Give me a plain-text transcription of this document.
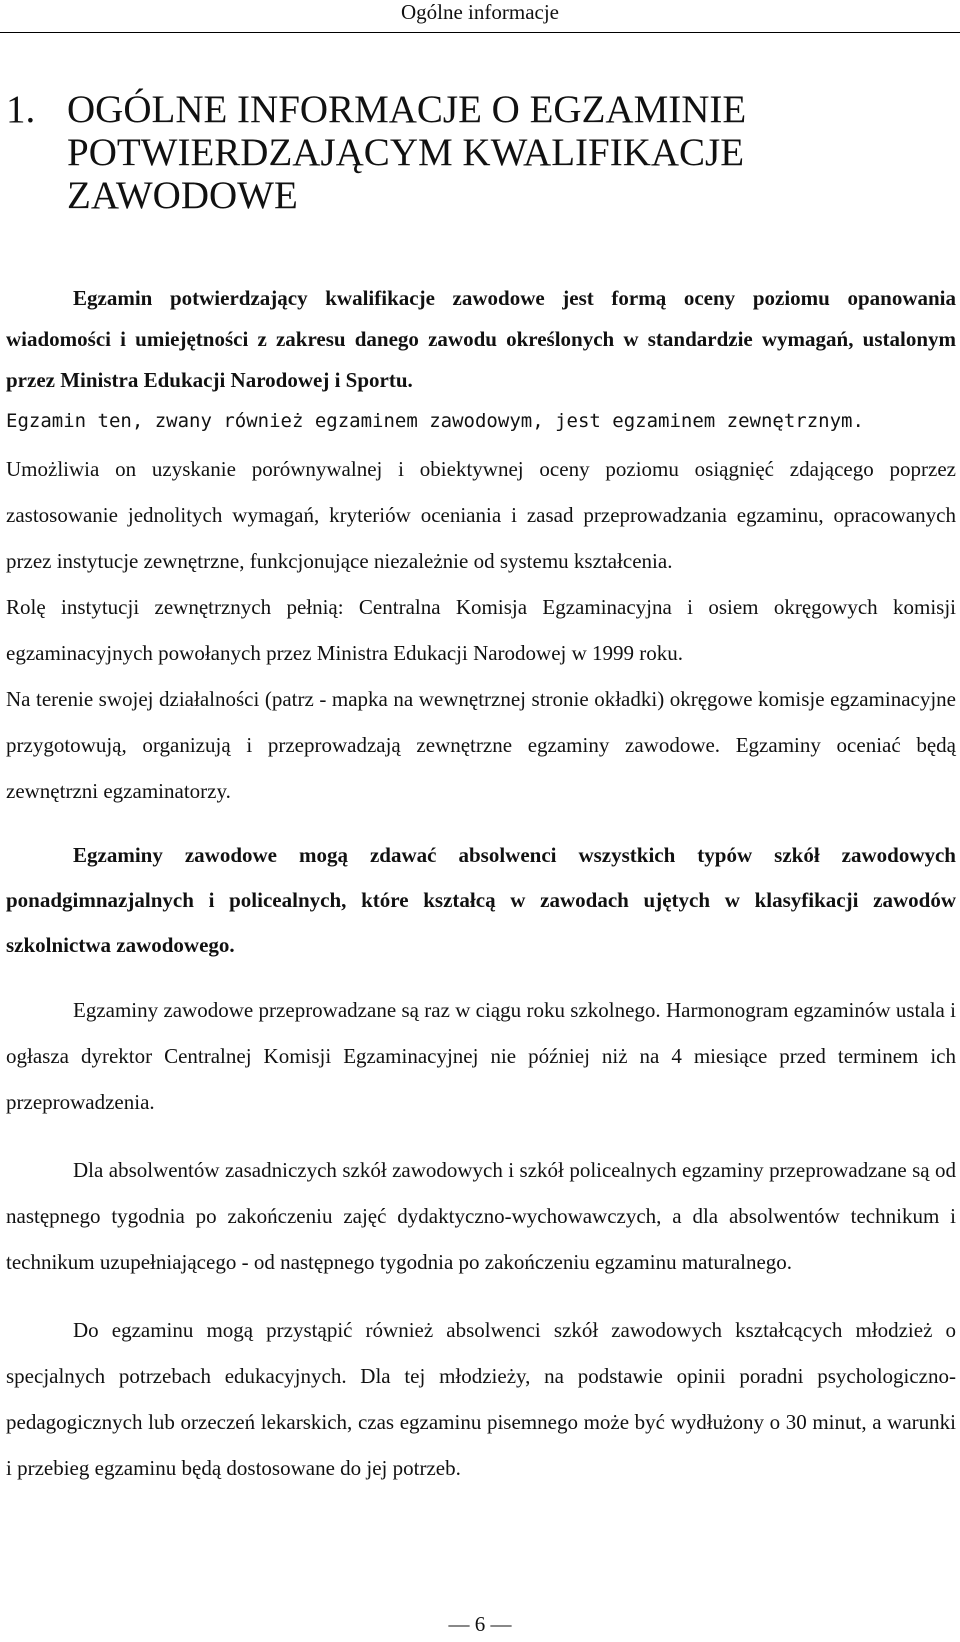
Ogólne informacje
1. OGÓLNE INFORMACJE O EGZAMINIE POTWIERDZAJĄCYM KWALIFIKACJE ZAWODOWE

Egzamin potwierdzający kwalifikacje zawodowe jest formą oceny poziomu opanowania wiadomości i umiejętności z zakresu danego zawodu określonych w standardzie wymagań, ustalonym przez Ministra Edukacji Narodowej i Sportu.

Egzamin ten, zwany również egzaminem zawodowym, jest egzaminem zewnętrznym.

Umożliwia on uzyskanie porównywalnej i obiektywnej oceny poziomu osiągnięć zdającego poprzez zastosowanie jednolitych wymagań, kryteriów oceniania i zasad przeprowadzania egzaminu, opracowanych przez instytucje zewnętrzne, funkcjonujące niezależnie od systemu kształcenia.

Rolę instytucji zewnętrznych pełnią: Centralna Komisja Egzaminacyjna i osiem okręgowych komisji egzaminacyjnych powołanych przez Ministra Edukacji Narodowej w 1999 roku.

Na terenie swojej działalności (patrz - mapka na wewnętrznej stronie okładki) okręgowe komisje egzaminacyjne przygotowują, organizują i przeprowadzają zewnętrzne egzaminy zawodowe. Egzaminy oceniać będą zewnętrzni egzaminatorzy.

Egzaminy zawodowe mogą zdawać absolwenci wszystkich typów szkół zawodowych ponadgimnazjalnych i policealnych, które kształcą w zawodach ujętych w klasyfikacji zawodów szkolnictwa zawodowego.

Egzaminy zawodowe przeprowadzane są raz w ciągu roku szkolnego. Harmonogram egzaminów ustala i ogłasza dyrektor Centralnej Komisji Egzaminacyjnej nie później niż na 4 miesiące przed terminem ich przeprowadzenia.

Dla absolwentów zasadniczych szkół zawodowych i szkół policealnych egzaminy przeprowadzane są od następnego tygodnia po zakończeniu zajęć dydaktyczno-wychowawczych, a dla absolwentów technikum i technikum uzupełniającego - od następnego tygodnia po zakończeniu egzaminu maturalnego.

Do egzaminu mogą przystąpić również absolwenci szkół zawodowych kształcących młodzież o specjalnych potrzebach edukacyjnych. Dla tej młodzieży, na podstawie opinii poradni psychologiczno-pedagogicznych lub orzeczeń lekarskich, czas egzaminu pisemnego może być wydłużony o 30 minut, a warunki i przebieg egzaminu będą dostosowane do jej potrzeb.

— 6 —
